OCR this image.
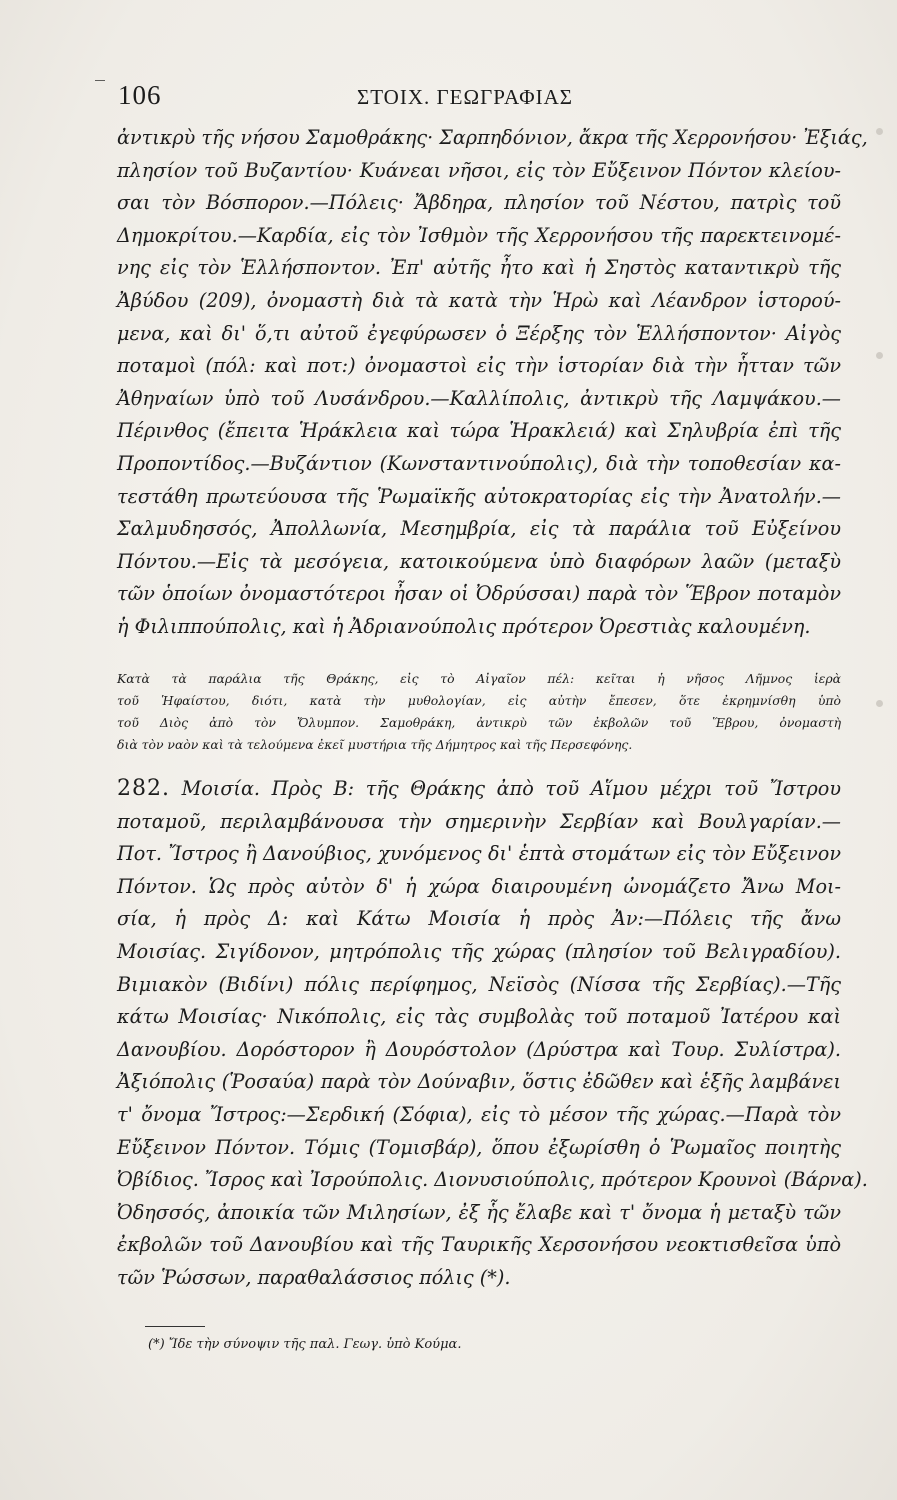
‾ 106	ΣΤΟΙΧ. ΓΕΩΓΡΑΦΙΑΣ
ἀντικρὺ τῆς νήσου Σαμοθράκης· Σαρπηδόνιον, ἄκρα τῆς Χερρονήσου· Ἐξιάς,
πλησίον τοῦ Βυζαντίου· Κυάνεαι νῆσοι, εἰς τὸν Εὔξεινον Πόντον κλείου-
σαι τὸν Βόσπορον.—Πόλεις· Ἄβδηρα, πλησίον τοῦ Νέστου, πατρὶς τοῦ
Δημοκρίτου.—Καρδία, εἰς τὸν Ἰσθμὸν τῆς Χερρονήσου τῆς παρεκτεινομέ-
νης εἰς τὸν Ἑλλήσποντον. Ἐπ' αὐτῆς ἦτο καὶ ἡ Σηστὸς καταντικρὺ τῆς
Ἀβύδου (209), ὀνομαστὴ διὰ τὰ κατὰ τὴν Ἡρὼ καὶ Λέανδρον ἱστορού-
μενα, καὶ δι' ὅ,τι αὐτοῦ ἐγεφύρωσεν ὁ Ξέρξης τὸν Ἑλλήσποντον· Αἰγὸς
ποταμοὶ (πόλ: καὶ ποτ:) ὀνομαστοὶ εἰς τὴν ἱστορίαν διὰ τὴν ἧτταν τῶν
Ἀθηναίων ὑπὸ τοῦ Λυσάνδρου.—Καλλίπολις, ἀντικρὺ τῆς Λαμψάκου.—
Πέρινθος (ἔπειτα Ἡράκλεια καὶ τώρα Ἡρακλειά) καὶ Σηλυβρία ἐπὶ τῆς
Προποντίδος.—Βυζάντιον (Κωνσταντινούπολις), διὰ τὴν τοποθεσίαν κα-
τεστάθη πρωτεύουσα τῆς Ῥωμαϊκῆς αὐτοκρατορίας εἰς τὴν Ἀνατολήν.—
Σαλμυδησσός, Ἀπολλωνία, Μεσημβρία, εἰς τὰ παράλια τοῦ Εὐξείνου
Πόντου.—Εἰς τὰ μεσόγεια, κατοικούμενα ὑπὸ διαφόρων λαῶν (μεταξὺ
τῶν ὁποίων ὀνομαστότεροι ἦσαν οἱ Ὀδρύσσαι) παρὰ τὸν Ἕβρον ποταμὸν
ἡ Φιλιππούπολις, καὶ ἡ Ἀδριανούπολις πρότερον Ὀρεστιὰς καλουμένη.
Κατὰ τὰ παράλια τῆς Θράκης, εἰς τὸ Αἰγαῖον πέλ: κεῖται ἡ νῆσος Λῆμνος ἱερὰ
τοῦ Ἡφαίστου, διότι, κατὰ τὴν μυθολογίαν, εἰς αὐτὴν ἔπεσεν, ὅτε ἐκρημνίσθη ὑπὸ
τοῦ Διὸς ἀπὸ τὸν Ὄλυμπον. Σαμοθράκη, ἀντικρὺ τῶν ἐκβολῶν τοῦ Ἕβρου, ὀνομαστὴ
διὰ τὸν ναὸν καὶ τὰ τελούμενα ἐκεῖ μυστήρια τῆς Δήμητρος καὶ τῆς Περσεφόνης.
282. Μοισία. Πρὸς Β: τῆς Θράκης ἀπὸ τοῦ Αἵμου μέχρι τοῦ Ἴστρου
ποταμοῦ, περιλαμβάνουσα τὴν σημερινὴν Σερβίαν καὶ Βουλγαρίαν.—
Ποτ. Ἴστρος ἢ Δανούβιος, χυνόμενος δι' ἑπτὰ στομάτων εἰς τὸν Εὔξεινον
Πόντον. Ὡς πρὸς αὐτὸν δ' ἡ χώρα διαιρουμένη ὠνομάζετο Ἄνω Μοι-
σία, ἡ πρὸς Δ: καὶ Κάτω Μοισία ἡ πρὸς Ἀν:—Πόλεις τῆς ἄνω
Μοισίας. Σιγίδονον, μητρόπολις τῆς χώρας (πλησίον τοῦ Βελιγραδίου).
Βιμιακὸν (Βιδίνι) πόλις περίφημος, Νεϊσὸς (Νίσσα τῆς Σερβίας).—Τῆς
κάτω Μοισίας· Νικόπολις, εἰς τὰς συμβολὰς τοῦ ποταμοῦ Ἰατέρου καὶ
Δανουβίου. Δορόστορον ἢ Δουρόστολον (Δρύστρα καὶ Τουρ. Συλίστρα).
Ἀξιόπολις (Ῥοσαύα) παρὰ τὸν Δούναβιν, ὅστις ἐδῶθεν καὶ ἑξῆς λαμβάνει
τ' ὄνομα Ἴστρος:—Σερδική (Σόφια), εἰς τὸ μέσον τῆς χώρας.—Παρὰ τὸν
Εὔξεινον Πόντον. Τόμις (Τομισβάρ), ὅπου ἐξωρίσθη ὁ Ῥωμαῖος ποιητὴς
Ὀβίδιος. Ἴσρος καὶ Ἰσρούπολις. Διονυσιούπολις, πρότερον Κρουνοὶ (Βάρνα).
Ὀδησσός, ἀποικία τῶν Μιλησίων, ἐξ ἧς ἔλαβε καὶ τ' ὄνομα ἡ μεταξὺ τῶν
ἐκβολῶν τοῦ Δανουβίου καὶ τῆς Ταυρικῆς Χερσονήσου νεοκτισθεῖσα ὑπὸ
τῶν Ῥώσσων, παραθαλάσσιος πόλις (*).
(*) Ἴδε τὴν σύνοψιν τῆς παλ. Γεωγ. ὑπὸ Κούμα.
